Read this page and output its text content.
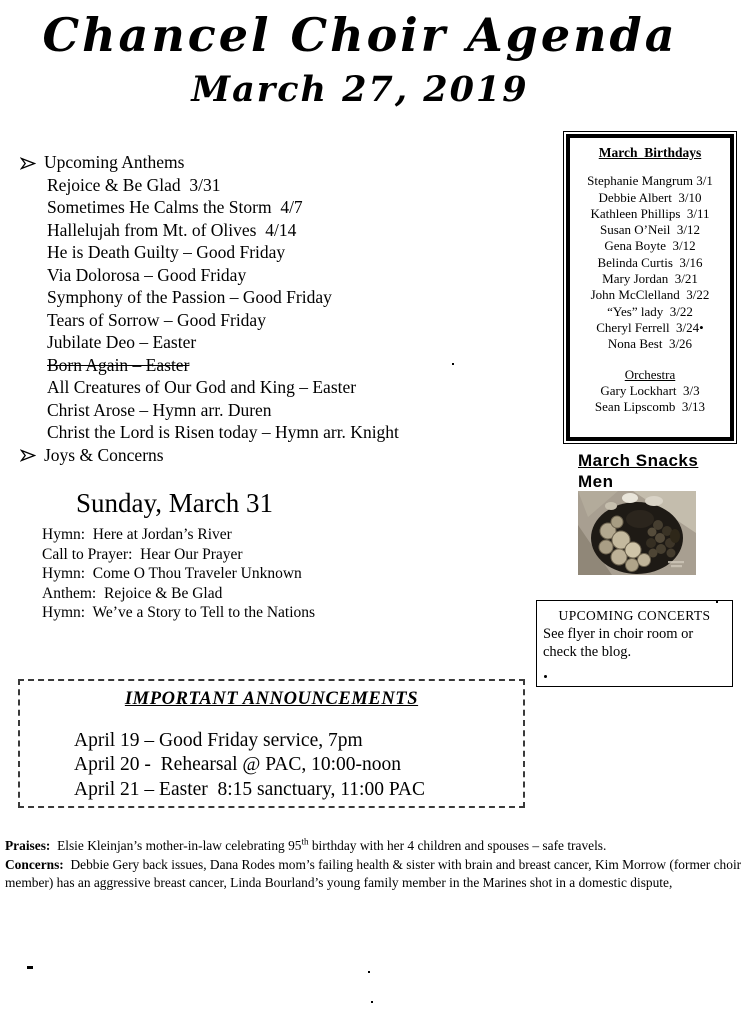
Chancel Choir Agenda
March 27, 2019
Upcoming Anthems
Rejoice & Be Glad  3/31
Sometimes He Calms the Storm  4/7
Hallelujah from Mt. of Olives  4/14
He is Death Guilty – Good Friday
Via Dolorosa – Good Friday
Symphony of the Passion – Good Friday
Tears of Sorrow – Good Friday
Jubilate Deo – Easter
Born Again – Easter
All Creatures of Our God and King – Easter
Christ Arose – Hymn arr. Duren
Christ the Lord is Risen today – Hymn arr. Knight
Joys & Concerns
Sunday, March 31
Hymn:  Here at Jordan’s River
Call to Prayer:  Hear Our Prayer
Hymn:  Come O Thou Traveler Unknown
Anthem:  Rejoice & Be Glad
Hymn:  We’ve a Story to Tell to the Nations
March  Birthdays
Stephanie Mangrum 3/1
Debbie Albert  3/10
Kathleen Phillips  3/11
Susan O’Neil  3/12
Gena Boyte  3/12
Belinda Curtis  3/16
Mary Jordan  3/21
John McClelland  3/22
“Yes” lady  3/22
Cheryl Ferrell  3/24•
Nona Best  3/26
Orchestra
Gary Lockhart  3/3
Sean Lipscomb  3/13
March Snacks
Men
UPCOMING CONCERTS
See flyer in choir room or check the blog.
IMPORTANT ANNOUNCEMENTS
April 19 – Good Friday service, 7pm
April 20 -  Rehearsal @ PAC, 10:00-noon
April 21 – Easter  8:15 sanctuary, 11:00 PAC
Praises:  Elsie Kleinjan’s mother-in-law celebrating 95th birthday with her 4 children and spouses – safe travels.
Concerns:  Debbie Gery back issues, Dana Rodes mom’s failing health & sister with brain and breast cancer, Kim Morrow (former choir member) has an aggressive breast cancer, Linda Bourland’s young family member in the Marines shot in a domestic dispute,
